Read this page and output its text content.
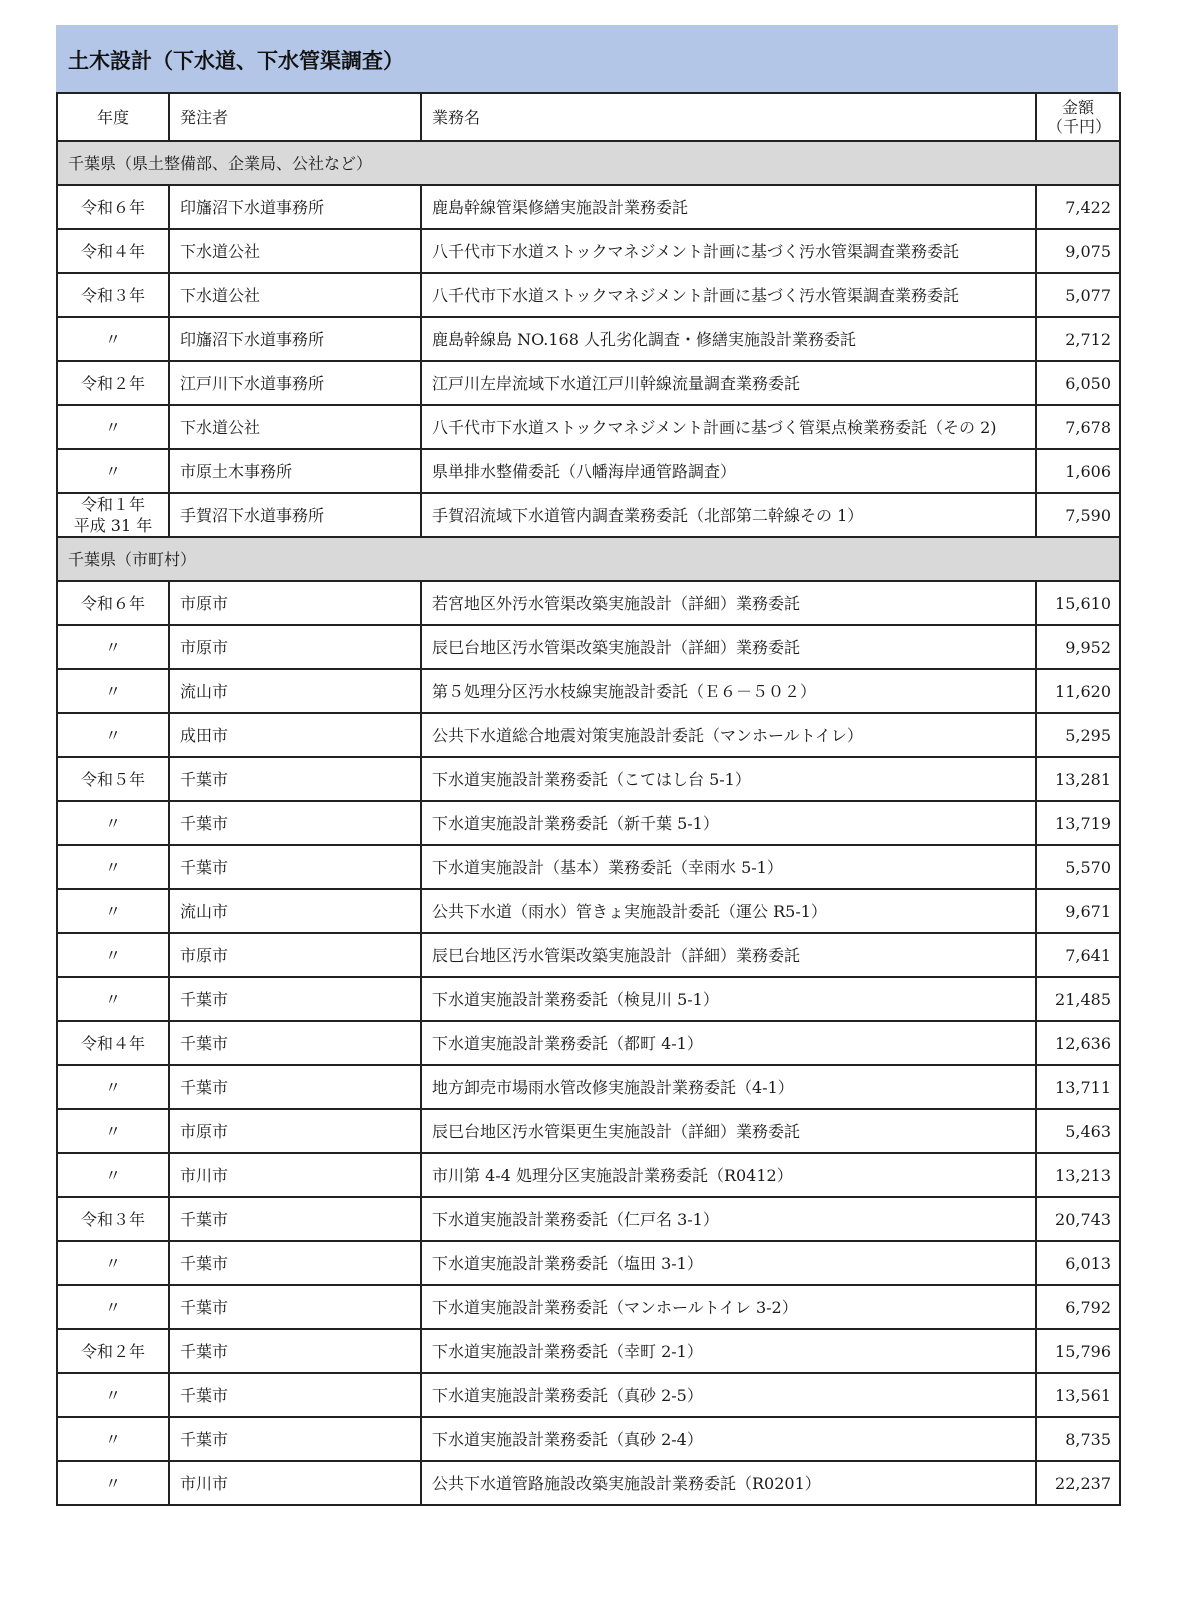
土木設計（下水道、下水管渠調査）
年度	発注者	業務名	金額
（千円）

千葉県（県土整備部、企業局、公社など）			
令和６年	印旛沼下水道事務所	鹿島幹線管渠修繕実施設計業務委託	7,422
令和４年	下水道公社	八千代市下水道ストックマネジメント計画に基づく汚水管渠調査業務委託	9,075
令和３年	下水道公社	八千代市下水道ストックマネジメント計画に基づく汚水管渠調査業務委託	5,077
〃	印旛沼下水道事務所	鹿島幹線島 NO.168 人孔劣化調査・修繕実施設計業務委託	2,712
令和２年	江戸川下水道事務所	江戸川左岸流域下水道江戸川幹線流量調査業務委託	6,050
〃	下水道公社	八千代市下水道ストックマネジメント計画に基づく管渠点検業務委託（その 2)	7,678
〃	市原土木事務所	県単排水整備委託（八幡海岸通管路調査）	1,606
令和１年
平成 31 年	手賀沼下水道事務所	手賀沼流域下水道管内調査業務委託（北部第二幹線その 1）	7,590
千葉県（市町村）			
令和６年	市原市	若宮地区外汚水管渠改築実施設計（詳細）業務委託	15,610
〃	市原市	辰巳台地区汚水管渠改築実施設計（詳細）業務委託	9,952
〃	流山市	第５処理分区汚水枝線実施設計委託（Ｅ６－５０２）	11,620
〃	成田市	公共下水道総合地震対策実施設計委託（マンホールトイレ）	5,295
令和５年	千葉市	下水道実施設計業務委託（こてはし台 5-1）	13,281
〃	千葉市	下水道実施設計業務委託（新千葉 5-1）	13,719
〃	千葉市	下水道実施設計（基本）業務委託（幸雨水 5-1）	5,570
〃	流山市	公共下水道（雨水）管きょ実施設計委託（運公 R5-1）	9,671
〃	市原市	辰巳台地区汚水管渠改築実施設計（詳細）業務委託	7,641
〃	千葉市	下水道実施設計業務委託（検見川 5-1）	21,485
令和４年	千葉市	下水道実施設計業務委託（都町 4-1）	12,636
〃	千葉市	地方卸売市場雨水管改修実施設計業務委託（4-1）	13,711
〃	市原市	辰巳台地区汚水管渠更生実施設計（詳細）業務委託	5,463
〃	市川市	市川第 4-4 処理分区実施設計業務委託（R0412）	13,213
令和３年	千葉市	下水道実施設計業務委託（仁戸名 3-1）	20,743
〃	千葉市	下水道実施設計業務委託（塩田 3-1）	6,013
〃	千葉市	下水道実施設計業務委託（マンホールトイレ 3-2）	6,792
令和２年	千葉市	下水道実施設計業務委託（幸町 2-1）	15,796
〃	千葉市	下水道実施設計業務委託（真砂 2-5）	13,561
〃	千葉市	下水道実施設計業務委託（真砂 2-4）	8,735
〃	市川市	公共下水道管路施設改築実施設計業務委託（R0201）	22,237
